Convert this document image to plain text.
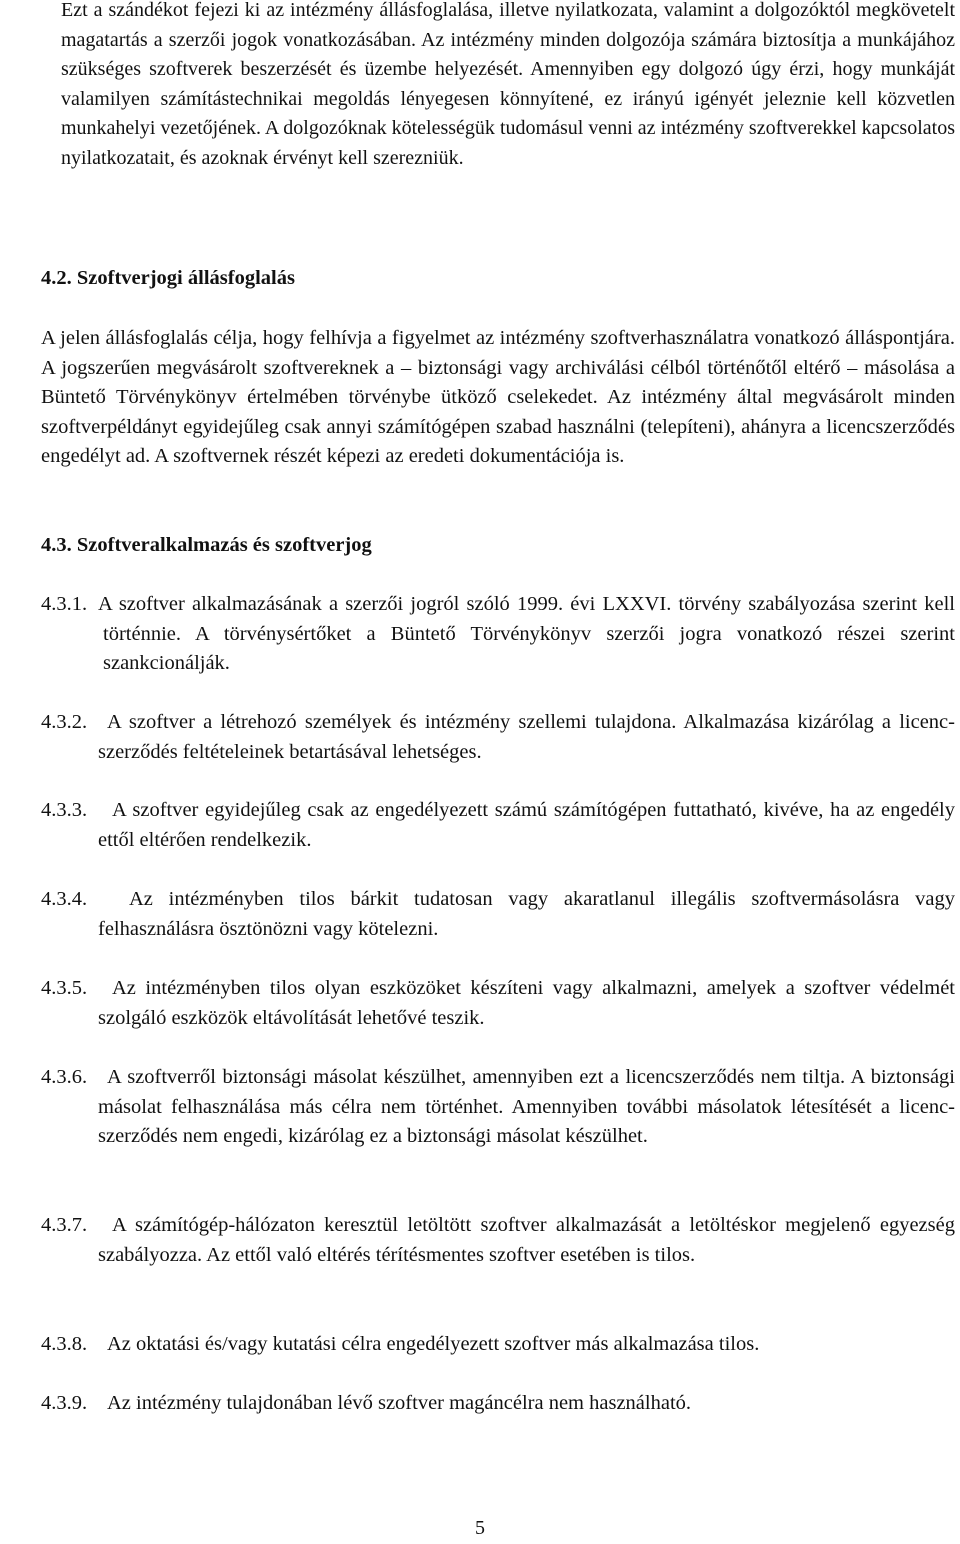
Ezt a szándékot fejezi ki az intézmény állásfoglalása, illetve nyilatkozata, valamint a dolgozóktól megkövetelt magatartás a szerzői jogok vonatkozásában. Az intézmény minden dolgozója számára biztosítja a munkájához szükséges szoftverek beszerzését és üzembe helyezését. Amennyiben egy dolgozó úgy érzi, hogy munkáját valamilyen számítástechnikai megoldás lényegesen könnyítené, ez irányú igényét jeleznie kell közvetlen munkahelyi vezetőjének. A dolgozóknak kötelességük tudomásul venni az intézmény szoftverekkel kapcsolatos nyilatkozatait, és azoknak érvényt kell szerezniük.

4.2. Szoftverjogi állásfoglalás

A jelen állásfoglalás célja, hogy felhívja a figyelmet az intézmény szoftverhasználatra vonatkozó álláspontjára. A jogszerűen megvásárolt szoftvereknek a – biztonsági vagy archiválási célból történőtől eltérő – másolása a Büntető Törvénykönyv értelmében törvénybe ütköző cselekedet. Az intézmény által megvásárolt minden szoftverpéldányt egyidejűleg csak annyi számítógépen szabad használni (telepíteni), ahányra a licencszerződés engedélyt ad. A szoftvernek részét képezi az eredeti dokumentációja is.

4.3. Szoftveralkalmazás és szoftverjog
4.3.1. A szoftver alkalmazásának a szerzői jogról szóló 1999. évi LXXVI. törvény szabályozása szerint kell történnie. A törvénysértőket a Büntető Törvénykönyv szerzői jogra vonatkozó részei szerint szankcionálják.
4.3.2. A szoftver a létrehozó személyek és intézmény szellemi tulajdona. Alkalmazása kizárólag a licenc-szerződés feltételeinek betartásával lehetséges.
4.3.3.	A szoftver egyidejűleg csak az engedélyezett számú számítógépen futtatható, kivéve, ha az engedély ettől eltérően rendelkezik.
4.3.4.	Az intézményben tilos bárkit tudatosan vagy akaratlanul illegális szoftvermásolásra vagy felhasználásra ösztönözni vagy kötelezni.
4.3.5.	Az intézményben tilos olyan eszközöket készíteni vagy alkalmazni, amelyek a szoftver védelmét szolgáló eszközök eltávolítását lehetővé teszik.
4.3.6. A szoftverről biztonsági másolat készülhet, amennyiben ezt a licencszerződés nem tiltja. A biztonsági másolat felhasználása más célra nem történhet. Amennyiben további másolatok létesítését a licenc-szerződés nem engedi, kizárólag ez a biztonsági másolat készülhet.
4.3.7.	A számítógép-hálózaton keresztül letöltött szoftver alkalmazását a letöltéskor megjelenő egyezség szabályozza. Az ettől való eltérés térítésmentes szoftver esetében is tilos.
4.3.8. Az oktatási és/vagy kutatási célra engedélyezett szoftver más alkalmazása tilos.
4.3.9. Az intézmény tulajdonában lévő szoftver magáncélra nem használható.
5
